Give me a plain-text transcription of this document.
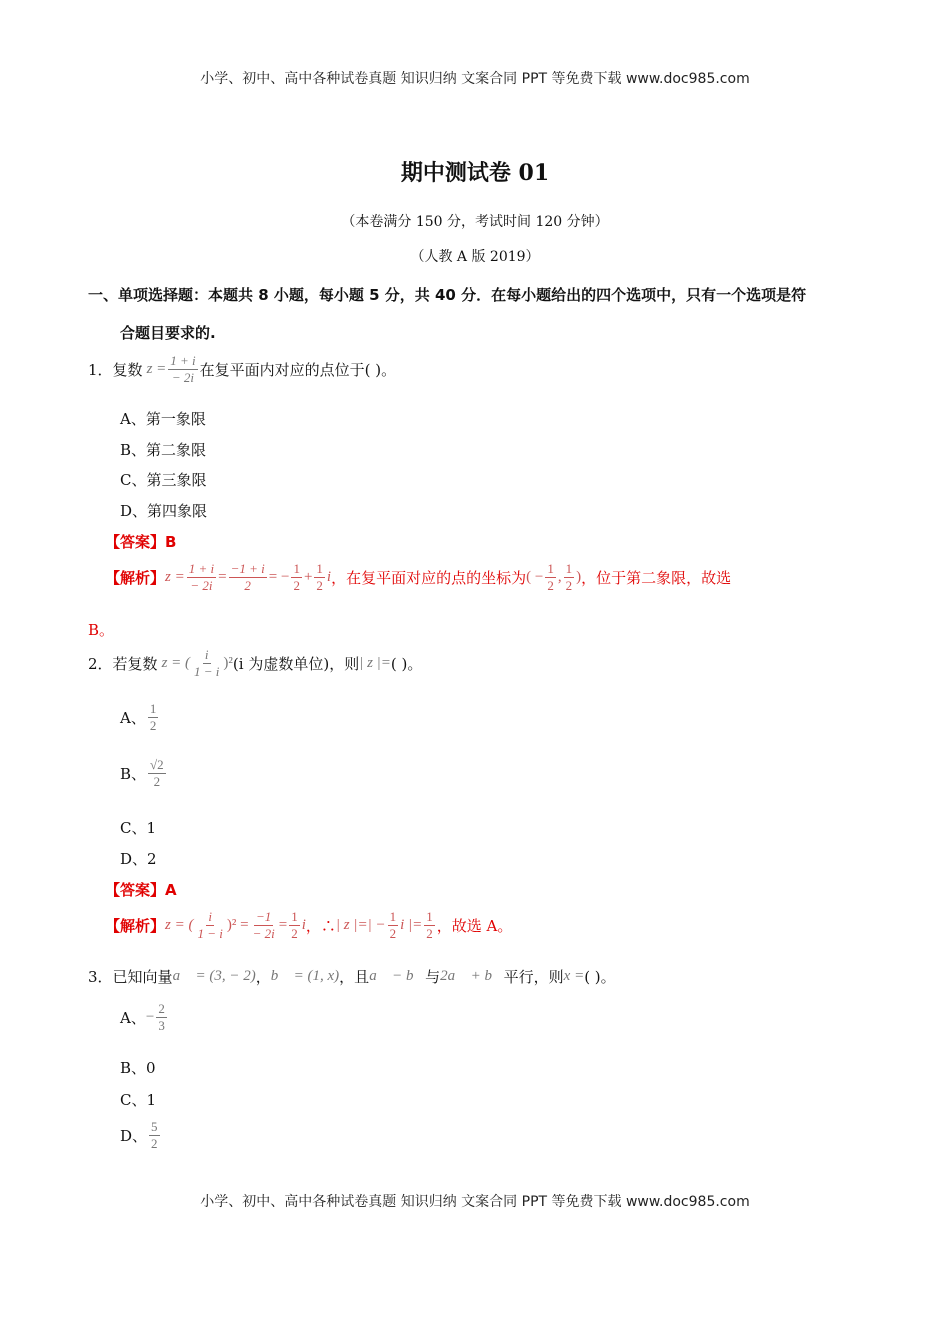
小学、初中、高中各种试卷真题 知识归纳 文案合同 PPT 等免费下载 www.doc985.com
期中测试卷 01
（本卷满分 150 分，考试时间 120 分钟）
（人教 A 版 2019）
一、单项选择题：本题共 8 小题，每小题 5 分，共 40 分．在每小题给出的四个选项中，只有一个选项是符
合题目要求的.
1． 复数 $z = \frac{1 + i}{- 2i}$ 在复平面内对应的点位于( )。
A、第一象限
B、第二象限
C、第三象限
D、第四象限
【答案】B
【解析】 $z = \frac{1 + i}{- 2i} = \frac{-1 + i}{2}$ = − $\frac{1}{2} + \frac{1}{2}$ i ，在复平面对应的点的坐标为 ( − $\frac{1}{2}$ , $\frac{1}{2}$ ) ，位于第二象限，故选
B。
2． 若复数 z = ( $\frac{i}{1 - i} )^2$ (i 为虚数单位)，则 | z |= ( )。
A、 $\frac{1}{2}$
B、 $\frac{√2}{2}$
C、1
D、2
【答案】A
【解析】 z = ( $\frac{i}{1 - i} )^2 = \frac{-1}{- 2i} = \frac{1}{2}$ i ，∴ | z |=| − $\frac{1}{2}$ i |= $\frac{1}{2}$ ，故选 A。
3． 已知向量 a⃗ = (3, − 2) ， b⃗ = (1, x) ，且 a⃗ − b⃗ 与 2a⃗ + b⃗ 平行，则 x = ( )。
A、 − $\frac{2}{3}$
B、0
C、1
D、 $\frac{5}{2}$
小学、初中、高中各种试卷真题 知识归纳 文案合同 PPT 等免费下载 www.doc985.com
